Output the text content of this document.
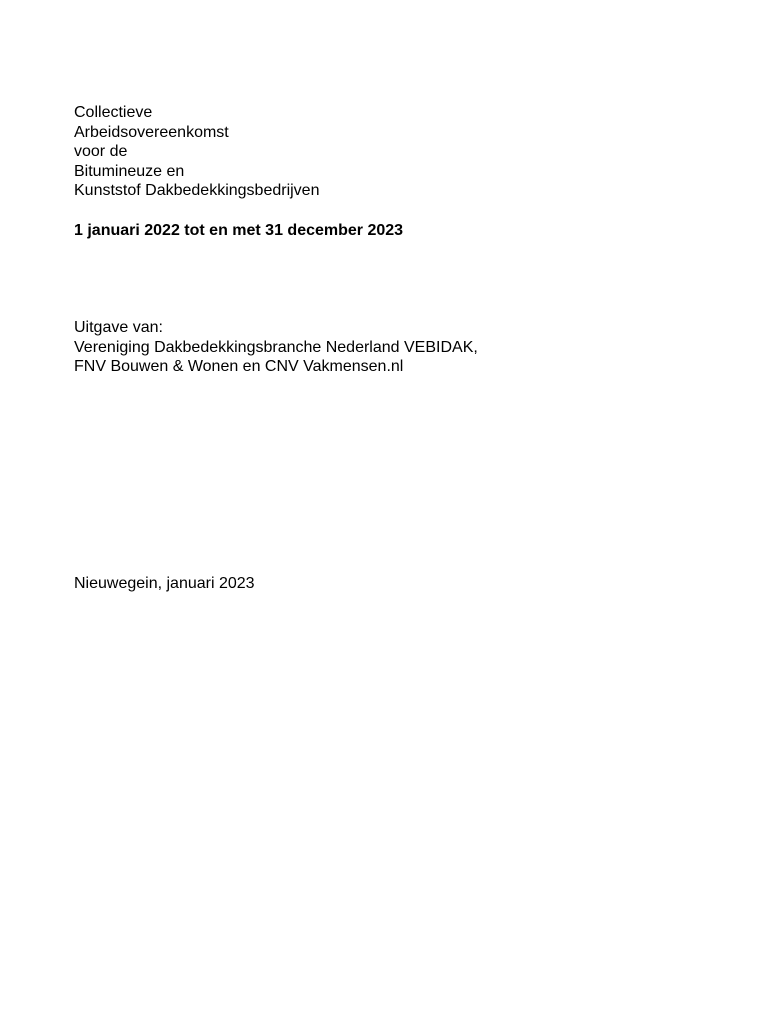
Collectieve
Arbeidsovereenkomst
voor de
Bitumineuze en
Kunststof Dakbedekkingsbedrijven
1 januari 2022 tot en met 31 december 2023
Uitgave van:
Vereniging Dakbedekkingsbranche Nederland VEBIDAK,
FNV Bouwen & Wonen en CNV Vakmensen.nl
Nieuwegein, januari 2023
